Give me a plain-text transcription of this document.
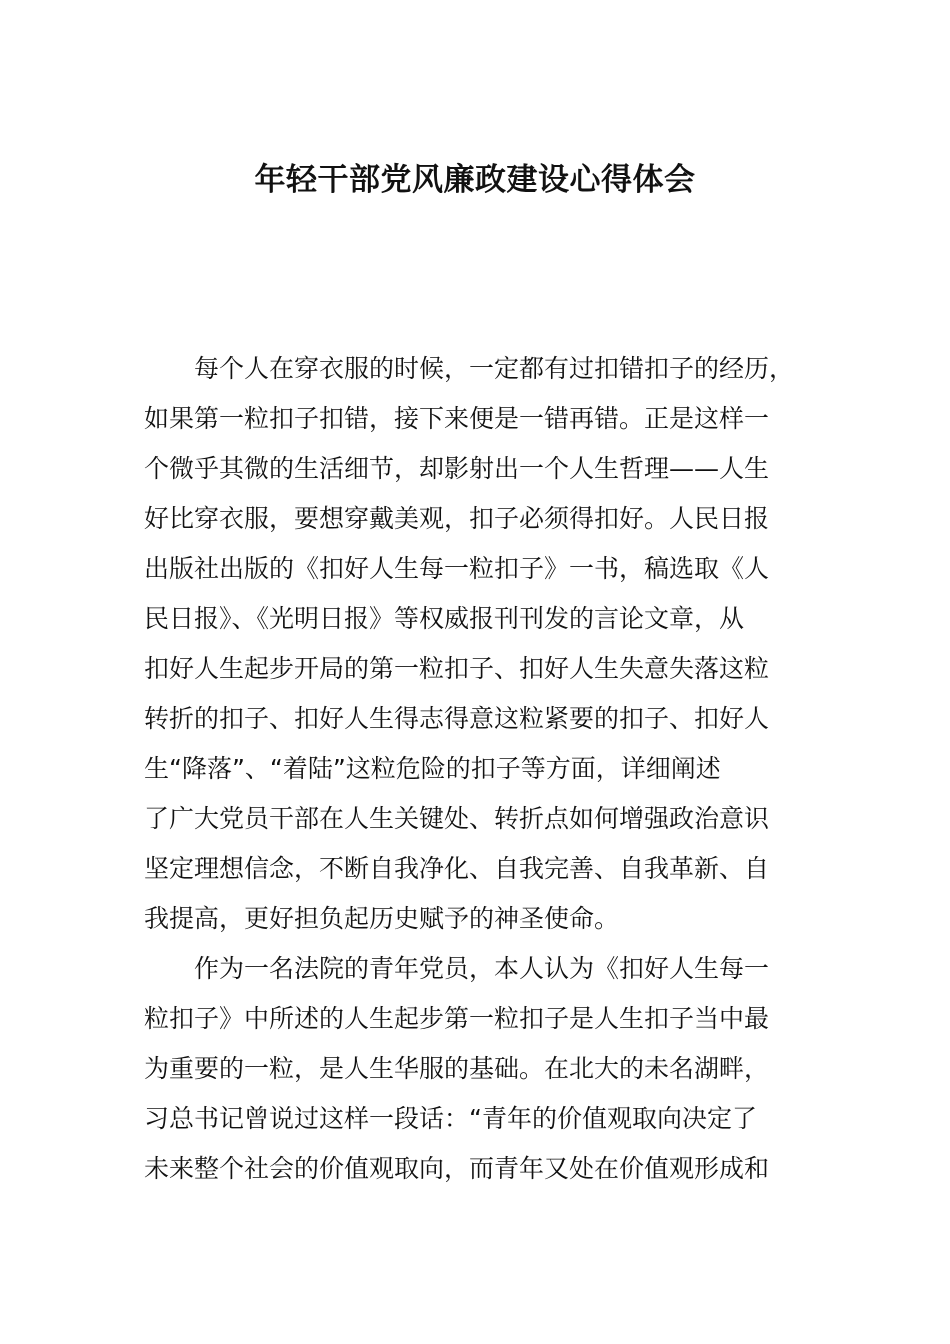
年轻干部党风廉政建设心得体会
每个人在穿衣服的时候，一定都有过扣错扣子的经历，
如果第一粒扣子扣错，接下来便是一错再错。正是这样一
个微乎其微的生活细节，却影射出一个人生哲理——人生
好比穿衣服，要想穿戴美观，扣子必须得扣好。人民日报
出版社出版的《扣好人生每一粒扣子》一书，稿选取《人
民日报》、《光明日报》等权威报刊刊发的言论文章，从
扣好人生起步开局的第一粒扣子、扣好人生失意失落这粒
转折的扣子、扣好人生得志得意这粒紧要的扣子、扣好人
生“降落”、“着陆”这粒危险的扣子等方面，详细阐述
了广大党员干部在人生关键处、转折点如何增强政治意识
坚定理想信念，不断自我净化、自我完善、自我革新、自
我提高，更好担负起历史赋予的神圣使命。
作为一名法院的青年党员，本人认为《扣好人生每一
粒扣子》中所述的人生起步第一粒扣子是人生扣子当中最
为重要的一粒，是人生华服的基础。在北大的未名湖畔，
习总书记曾说过这样一段话：“青年的价值观取向决定了
未来整个社会的价值观取向，而青年又处在价值观形成和
